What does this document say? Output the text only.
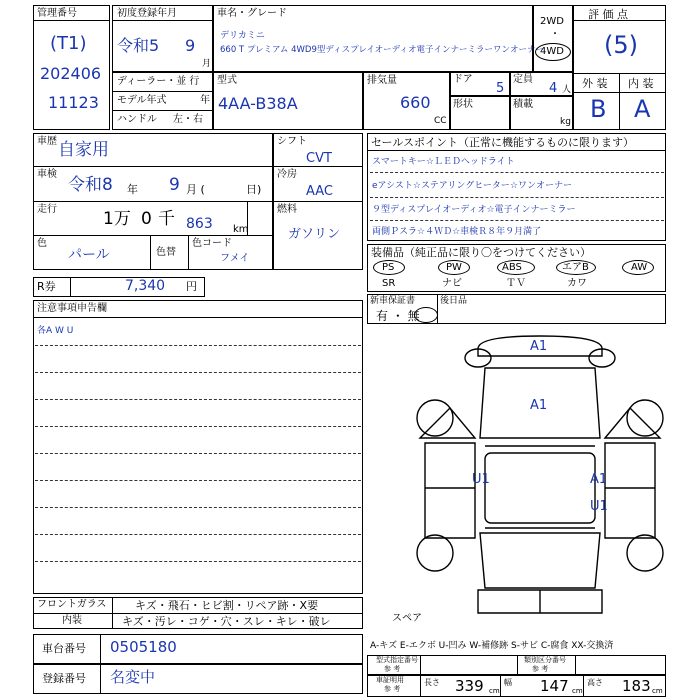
管理番号
(T1)
202406
11123
初度登録年月
令和5 9
月
車名・グレード
デリカミニ
660 T プレミアム 4WD9型ディスプレイオーディオ電子インナーミラーワンオーナー
2WD
・
4WD
評 価 点
(5)
外 装 内 装
B A
ディーラー・並 行
モデル年式	年
ハンドル 左・右
型式
4AA-B38A
排気量
660
CC
ドア
5
定員
4 人
形状	積載
kg
車歴 自家用
車検
令和8 年 9 月 (	日)
走行	1万 0 千 863 km
色
パール	色替
色コード
フメイ
シフト
CVT
冷房
AAC
燃料
ガソリン
セールスポイント（正常に機能するものに限ります）
スマートキー☆ＬＥＤヘッドライト
eアシスト☆ステアリングヒーター☆ワンオーナー
９型ディスプレイオーディオ☆電子インナーミラー
両側Ｐスラ☆４ＷＤ☆車検Ｒ８年９月満了
装備品（純正品に限り〇をつけてください）
PS	PW	ABS	エアB	AW
SR	ナビ	ＴＶ	カワ
R券	7,340 円
新車保証書
有 ・ 無
後日品
注意事項申告欄
各A W U
A1
A1
U1	A1
U1
スペア
フロントガラス	キズ・飛石・ヒビ割・リペア跡・X要
内装	キズ・汚レ・コゲ・穴・スレ・キレ・破レ
車台番号 0505180
登録番号 名変中
A-キズ E-エクボ U-凹み W-補修跡 S-サビ C-腐食 XX-交換済
型式指定番号
参 考
類別区分番号
参 考
車証明用
参 考
長さ 339 cm
幅 147 cm
高さ 183 cm
